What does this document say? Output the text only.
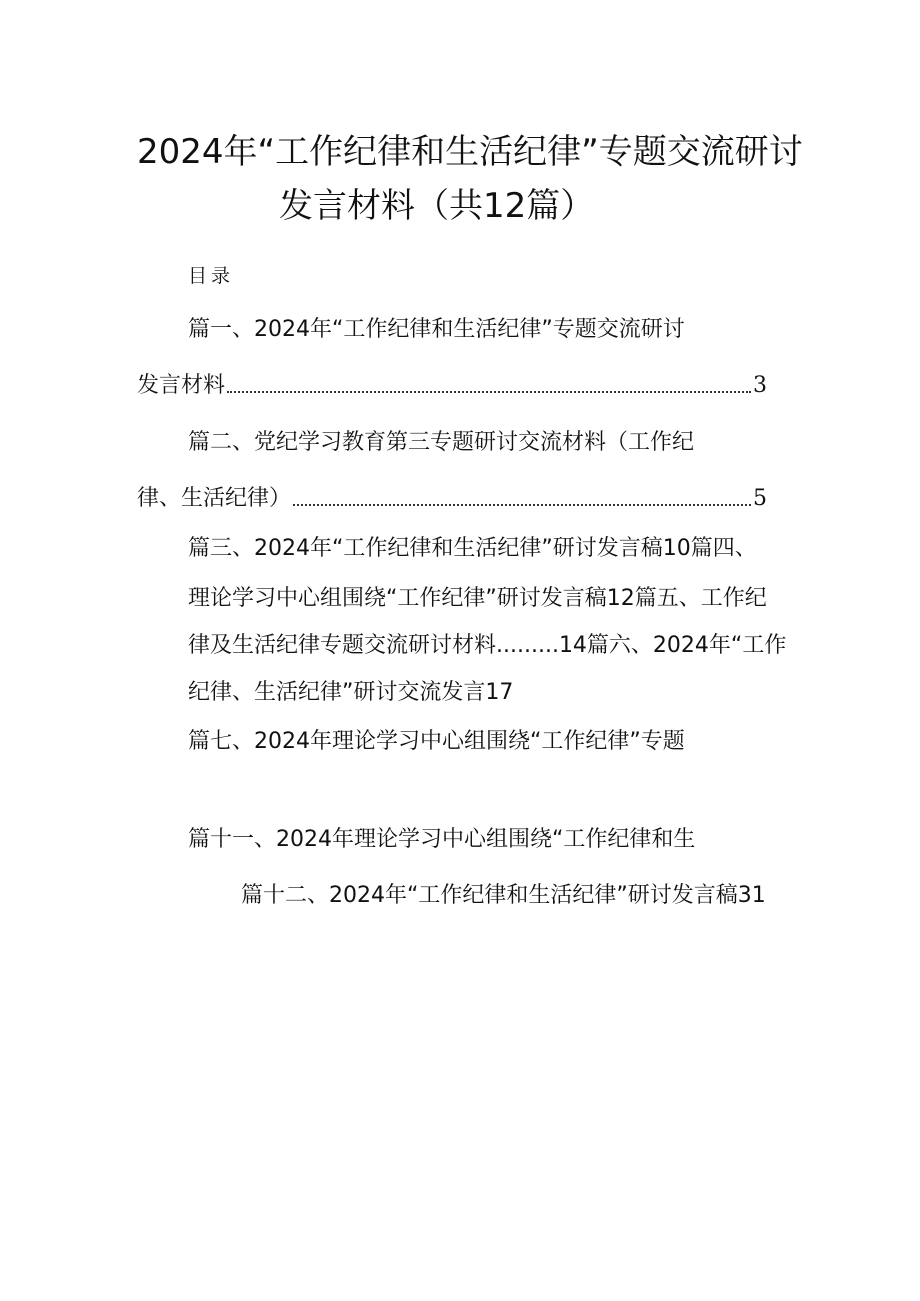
2024年“工作纪律和生活纪律”专题交流研讨
发言材料（共12篇）
目录
篇一、2024年“工作纪律和生活纪律”专题交流研讨
发言材料	3
篇二、党纪学习教育第三专题研讨交流材料（工作纪
律、生活纪律）	5
篇三、2024年“工作纪律和生活纪律”研讨发言稿10篇四、
理论学习中心组围绕“工作纪律”研讨发言稿12篇五、工作纪
律及生活纪律专题交流研讨材料.........14篇六、2024年“工作
纪律、生活纪律”研讨交流发言17
篇七、2024年理论学习中心组围绕“工作纪律”专题
篇十一、2024年理论学习中心组围绕“工作纪律和生
篇十二、2024年“工作纪律和生活纪律”研讨发言稿31
